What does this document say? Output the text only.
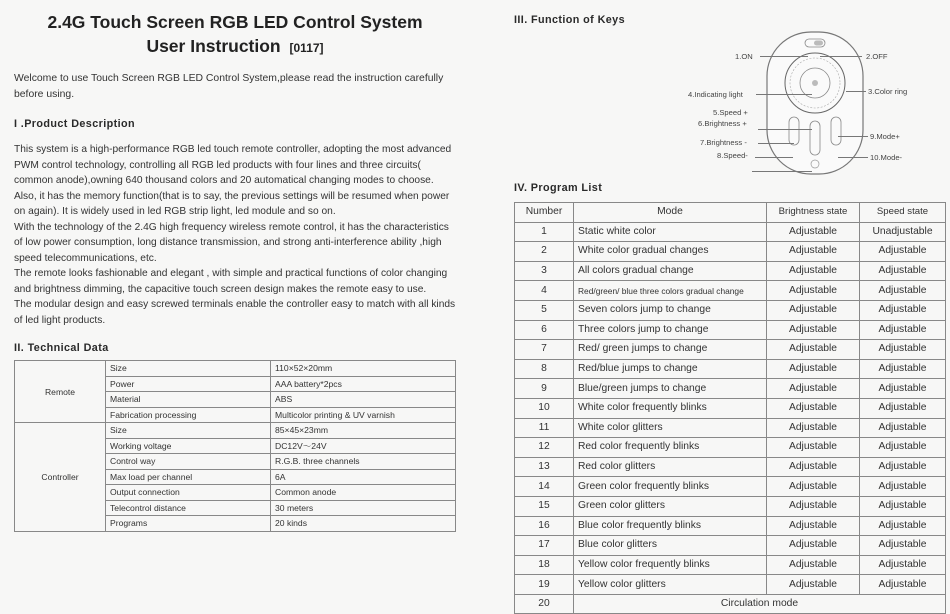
2.4G Touch Screen RGB LED Control System
User Instruction [0117]
Welcome to use Touch Screen RGB LED Control System,please read the instruction carefully before using.
I .Product Description

This system is a high-performance RGB led touch remote controller, adopting the most advanced PWM control technology, controlling all RGB led products with four lines and three circuits( common anode),owning 640 thousand colors and 20 automatical changing modes to choose.

Also, it has the memory function(that is to say, the previous settings will be resumed when power on again). It is widely used in led RGB strip light, led module and so on.

With the technology of the 2.4G high frequency wireless remote control, it has the characteristics of low power consumption, long distance transmission, and strong anti-interference ability ,high speed telecommunications, etc.

The remote looks fashionable and elegant , with simple and practical functions of color changing and brightness dimming, the capacitive touch screen design makes the remote easy to use.

The modular design and easy screwed terminals enable the controller easy to match with all kinds of led light products.

II. Technical Data
Remote	Size	110×52×20mm
	Power	AAA battery*2pcs
	Material	ABS
	Fabrication processing	Multicolor printing & UV varnish
Controller	Size	85×45×23mm
	Working voltage	DC12V～24V
	Control way	R.G.B. three channels
	Max load per channel	6A
	Output connection	Common anode
	Telecontrol distance	30 meters
	Programs	20 kinds
III. Function of Keys
1.ON	2.OFF
3.Color ring
4.Indicating light
5.Speed +
6.Brightness +
9.Mode+
7.Brightness -
10.Mode-
8.Speed-
IV. Program List
Number	Mode	Brightness state	Speed state
1	Static white color	Adjustable	Unadjustable
2	White color gradual changes	Adjustable	Adjustable
3	All colors gradual change	Adjustable	Adjustable
4	Red/green/ blue three colors gradual change	Adjustable	Adjustable
5	Seven colors jump to change	Adjustable	Adjustable
6	Three colors jump to change	Adjustable	Adjustable
7	Red/ green jumps to change	Adjustable	Adjustable
8	Red/blue jumps to change	Adjustable	Adjustable
9	Blue/green jumps to change	Adjustable	Adjustable
10	White color frequently blinks	Adjustable	Adjustable
11	White color glitters	Adjustable	Adjustable
12	Red color frequently blinks	Adjustable	Adjustable
13	Red color glitters	Adjustable	Adjustable
14	Green color frequently blinks	Adjustable	Adjustable
15	Green color glitters	Adjustable	Adjustable
16	Blue color frequently blinks	Adjustable	Adjustable
17	Blue color glitters	Adjustable	Adjustable
18	Yellow color frequently blinks	Adjustable	Adjustable
19	Yellow color glitters	Adjustable	Adjustable
20	Circulation mode		
